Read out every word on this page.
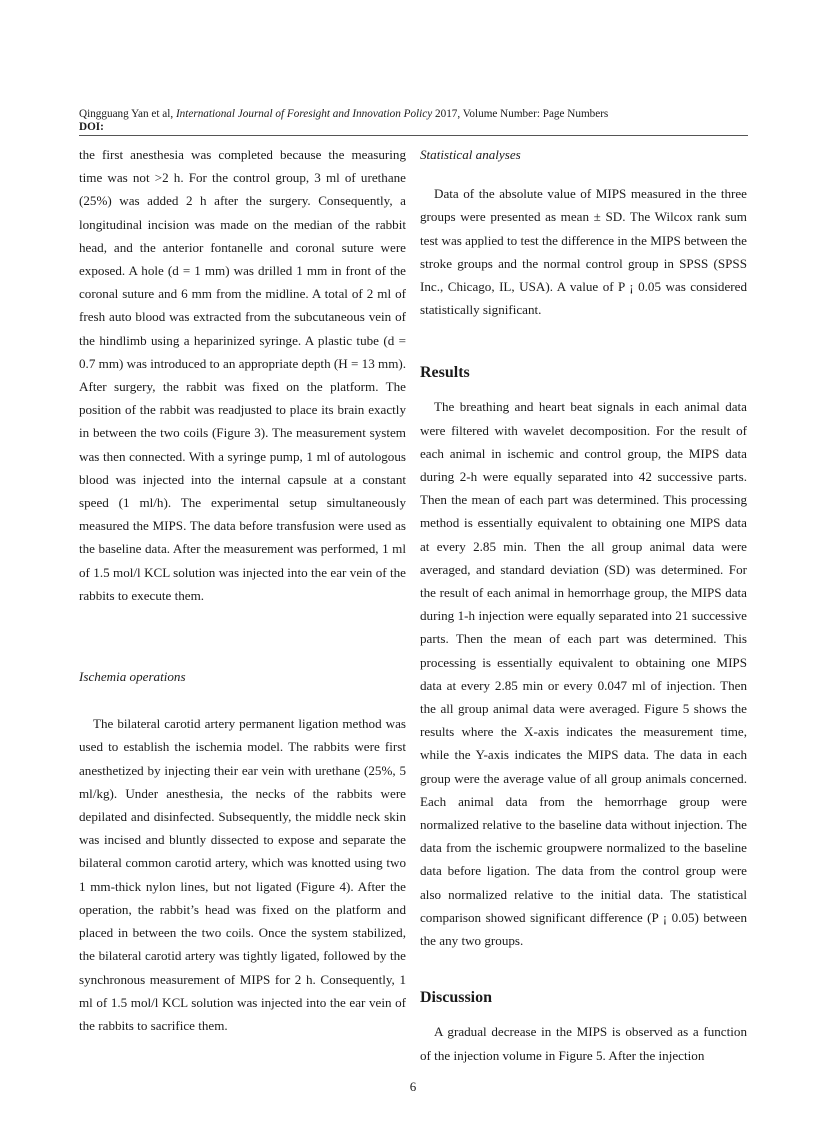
Qingguang Yan et al, International Journal of Foresight and Innovation Policy 2017, Volume Number: Page Numbers
DOI:

the first anesthesia was completed because the measuring time was not >2 h. For the control group, 3 ml of urethane (25%) was added 2 h after the surgery. Consequently, a longitudinal incision was made on the median of the rabbit head, and the anterior fontanelle and coronal suture were exposed. A hole (d = 1 mm) was drilled 1 mm in front of the coronal suture and 6 mm from the midline. A total of 2 ml of fresh auto blood was extracted from the subcutaneous vein of the hindlimb using a heparinized syringe. A plastic tube (d = 0.7 mm) was introduced to an appropriate depth (H = 13 mm). After surgery, the rabbit was fixed on the platform. The position of the rabbit was readjusted to place its brain exactly in between the two coils (Figure 3). The measurement system was then connected. With a syringe pump, 1 ml of autologous blood was injected into the internal capsule at a constant speed (1 ml/h). The experimental setup simultaneously measured the MIPS. The data before transfusion were used as the baseline data. After the measurement was performed, 1 ml of 1.5 mol/l KCL solution was injected into the ear vein of the rabbits to execute them.

Ischemia operations

The bilateral carotid artery permanent ligation method was used to establish the ischemia model. The rabbits were first anesthetized by injecting their ear vein with urethane (25%, 5 ml/kg). Under anesthesia, the necks of the rabbits were depilated and disinfected. Subsequently, the middle neck skin was incised and bluntly dissected to expose and separate the bilateral common carotid artery, which was knotted using two 1 mm-thick nylon lines, but not ligated (Figure 4). After the operation, the rabbit’s head was fixed on the platform and placed in between the two coils. Once the system stabilized, the bilateral carotid artery was tightly ligated, followed by the synchronous measurement of MIPS for 2 h. Consequently, 1 ml of 1.5 mol/l KCL solution was injected into the ear vein of the rabbits to sacrifice them.

Statistical analyses

Data of the absolute value of MIPS measured in the three groups were presented as mean ± SD. The Wilcox rank sum test was applied to test the difference in the MIPS between the stroke groups and the normal control group in SPSS (SPSS Inc., Chicago, IL, USA). A value of P ¡ 0.05 was considered statistically significant.

Results

The breathing and heart beat signals in each animal data were filtered with wavelet decomposition. For the result of each animal in ischemic and control group, the MIPS data during 2-h were equally separated into 42 successive parts. Then the mean of each part was determined. This processing method is essentially equivalent to obtaining one MIPS data at every 2.85 min. Then the all group animal data were averaged, and standard deviation (SD) was determined. For the result of each animal in hemorrhage group, the MIPS data during 1-h injection were equally separated into 21 successive parts. Then the mean of each part was determined. This processing is essentially equivalent to obtaining one MIPS data at every 2.85 min or every 0.047 ml of injection. Then the all group animal data were averaged. Figure 5 shows the results where the X-axis indicates the measurement time, while the Y-axis indicates the MIPS data. The data in each group were the average value of all group animals concerned. Each animal data from the hemorrhage group were normalized relative to the baseline data without injection. The data from the ischemic groupwere normalized to the baseline data before ligation. The data from the control group were also normalized relative to the initial data. The statistical comparison showed significant difference (P ¡ 0.05) between the any two groups.

Discussion

A gradual decrease in the MIPS is observed as a function of the injection volume in Figure 5. After the injection

6
